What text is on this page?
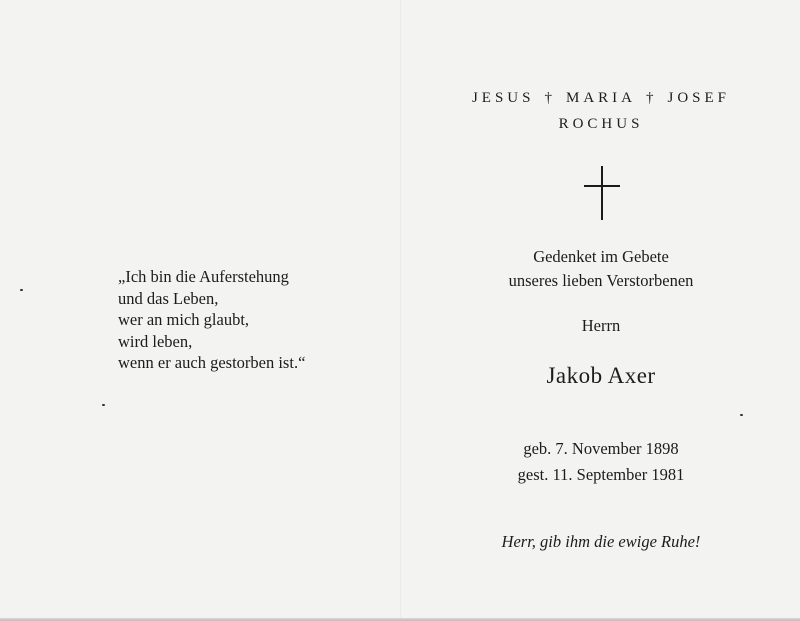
„Ich bin die Auferstehung
und das Leben,
wer an mich glaubt,
wird leben,
wenn er auch gestorben ist.“
JESUS † MARIA † JOSEF
ROCHUS
Gedenket im Gebete
unseres lieben Verstorbenen
Herrn
Jakob Axer
geb. 7. November 1898
gest. 11. September 1981
Herr, gib ihm die ewige Ruhe!
